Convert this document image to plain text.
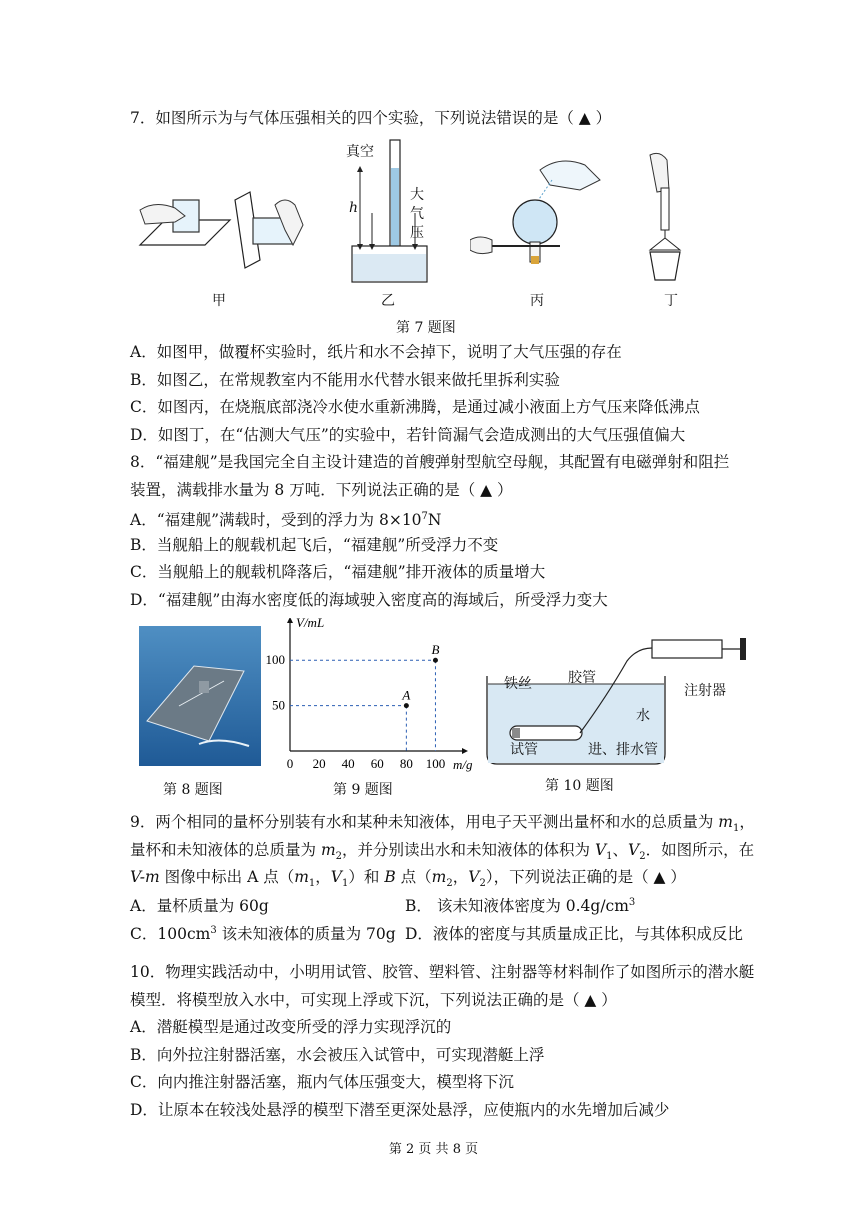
7．如图所示为与气体压强相关的四个实验，下列说法错误的是（ ▲ ）
真空
h
大
气
压
甲	乙	丙	丁
第 7 题图
A．如图甲，做覆杯实验时，纸片和水不会掉下，说明了大气压强的存在
B．如图乙，在常规教室内不能用水代替水银来做托里拆利实验
C．如图丙，在烧瓶底部浇冷水使水重新沸腾，是通过减小液面上方气压来降低沸点
D．如图丁，在“估测大气压”的实验中，若针筒漏气会造成测出的大气压强值偏大
8．“福建舰”是我国完全自主设计建造的首艘弹射型航空母舰，其配置有电磁弹射和阻拦
装置，满载排水量为 8 万吨．下列说法正确的是（ ▲ ）
A．“福建舰”满载时，受到的浮力为 $8\times 10^7N$
B．当舰船上的舰载机起飞后，“福建舰”所受浮力不变
C．当舰船上的舰载机降落后，“福建舰”排开液体的质量增大
D．“福建舰”由海水密度低的海域驶入密度高的海域后，所受浮力变大
第 8 题图
0 20 40 60 80 100
50
100
A
B
V/mL
m/g
第 9 题图
胶管
铁丝	注射器
水
试管	进、排水管
第 10 题图
9．两个相同的量杯分别装有水和某种未知液体，用电子天平测出量杯和水的总质量为 $m_1$，
量杯和未知液体的总质量为 $m_2$，并分别读出水和未知液体的体积为 $V_1$、$V_2$．如图所示，在
V-m 图像中标出 A 点（$m_1$，$V_1$）和 B 点（$m_2$，$V_2$），下列说法正确的是（ ▲ ）
A．量杯质量为 60g	B． 该未知液体密度为 $0.4g/cm^3$
C．$100cm^3$ 该未知液体的质量为 70g D．液体的密度与其质量成正比，与其体积成反比
10．物理实践活动中，小明用试管、胶管、塑料管、注射器等材料制作了如图所示的潜水艇
模型．将模型放入水中，可实现上浮或下沉，下列说法正确的是（ ▲ ）
A．潜艇模型是通过改变所受的浮力实现浮沉的
B．向外拉注射器活塞，水会被压入试管中，可实现潜艇上浮
C．向内推注射器活塞，瓶内气体压强变大，模型将下沉
D．让原本在较浅处悬浮的模型下潜至更深处悬浮，应使瓶内的水先增加后减少
第 2 页 共 8 页
